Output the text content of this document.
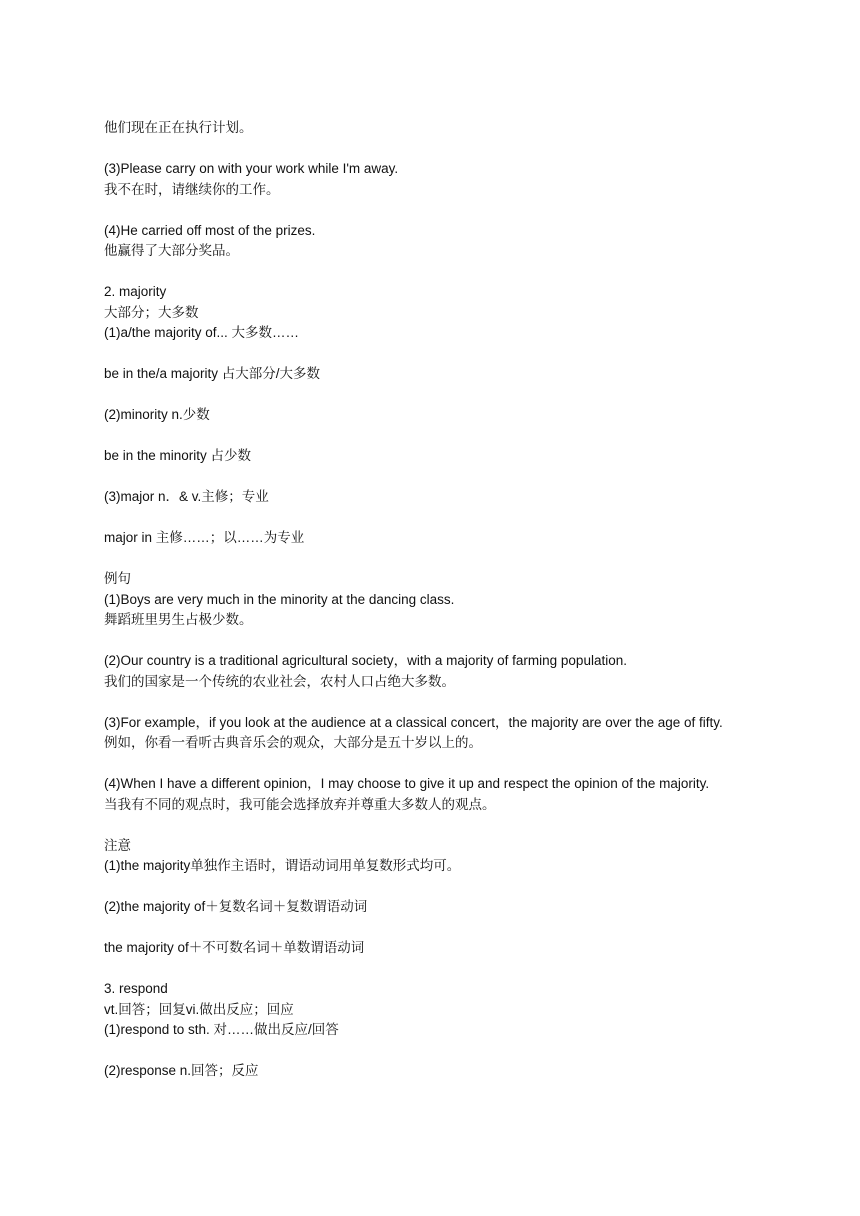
他们现在正在执行计划。
(3)Please carry on with your work while I'm away.
我不在时，请继续你的工作。
(4)He carried off most of the prizes.
他赢得了大部分奖品。
2. majority
大部分；大多数
(1)a/the majority of... 大多数……
be in the/a majority 占大部分/大多数
(2)minority n.少数
be in the minority 占少数
(3)major n．& v.主修；专业
major in 主修……；以……为专业
例句
(1)Boys are very much in the minority at the dancing class.
舞蹈班里男生占极少数。
(2)Our country is a traditional agricultural society，with a majority of farming population.
我们的国家是一个传统的农业社会，农村人口占绝大多数。
(3)For example，if you look at the audience at a classical concert，the majority are over the age of fifty.
例如，你看一看听古典音乐会的观众，大部分是五十岁以上的。
(4)When I have a different opinion，I may choose to give it up and respect the opinion of the majority.
当我有不同的观点时，我可能会选择放弃并尊重大多数人的观点。
注意
(1)the majority单独作主语时，谓语动词用单复数形式均可。
(2)the majority of＋复数名词＋复数谓语动词
the majority of＋不可数名词＋单数谓语动词
3. respond
vt.回答；回复vi.做出反应；回应
(1)respond to sth. 对……做出反应/回答
(2)response n.回答；反应
